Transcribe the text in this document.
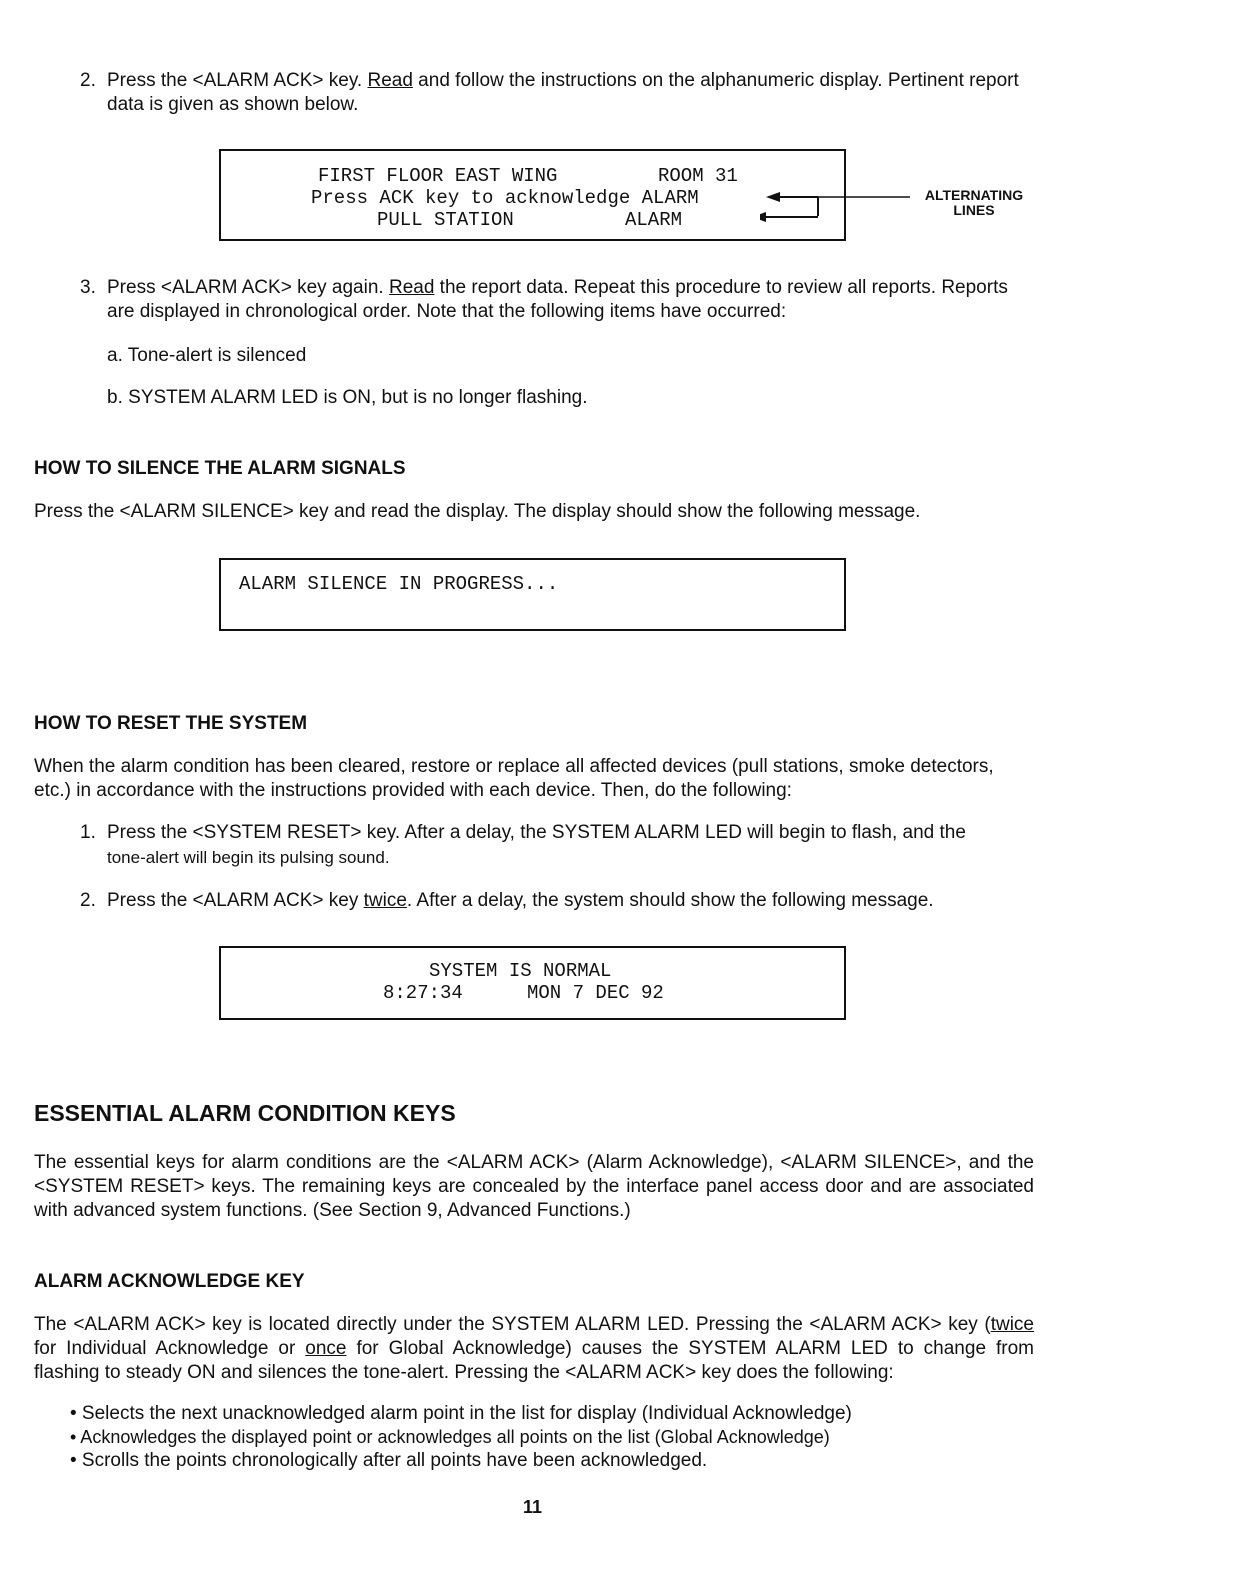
2. Press the <ALARM ACK> key. Read and follow the instructions on the alphanumeric display. Pertinent report data is given as shown below.

FIRST FLOOR EAST WING

	ROOM 31

Press ACK key to acknowledge ALARM

PULL STATION

	ALARM

ALTERNATING
LINES
3. Press <ALARM ACK> key again. Read the report data. Repeat this procedure to review all reports. Reports are displayed in chronological order. Note that the following items have occurred:
a. Tone-alert is silenced
b. SYSTEM ALARM LED is ON, but is no longer flashing.
HOW TO SILENCE THE ALARM SIGNALS
Press the <ALARM SILENCE> key and read the display. The display should show the following message.

ALARM SILENCE IN PROGRESS...

HOW TO RESET THE SYSTEM
When the alarm condition has been cleared, restore or replace all affected devices (pull stations, smoke detectors, etc.) in accordance with the instructions provided with each device. Then, do the following:
1. Press the <SYSTEM RESET> key. After a delay, the SYSTEM ALARM LED will begin to flash, and the
tone-alert will begin its pulsing sound.
2. Press the <ALARM ACK> key twice. After a delay, the system should show the following message.

SYSTEM IS NORMAL

8:27:34

	MON 7 DEC 92

ESSENTIAL ALARM CONDITION KEYS
The essential keys for alarm conditions are the <ALARM ACK> (Alarm Acknowledge), <ALARM SILENCE>, and the <SYSTEM RESET> keys. The remaining keys are concealed by the interface panel access door and are associated with advanced system functions. (See Section 9, Advanced Functions.)
ALARM ACKNOWLEDGE KEY
The <ALARM ACK> key is located directly under the SYSTEM ALARM LED. Pressing the <ALARM ACK> key (twice for Individual Acknowledge or once for Global Acknowledge) causes the SYSTEM ALARM LED to change from flashing to steady ON and silences the tone-alert. Pressing the <ALARM ACK> key does the following:
• Selects the next unacknowledged alarm point in the list for display (Individual Acknowledge)
• Acknowledges the displayed point or acknowledges all points on the list (Global Acknowledge)
• Scrolls the points chronologically after all points have been acknowledged.
11
